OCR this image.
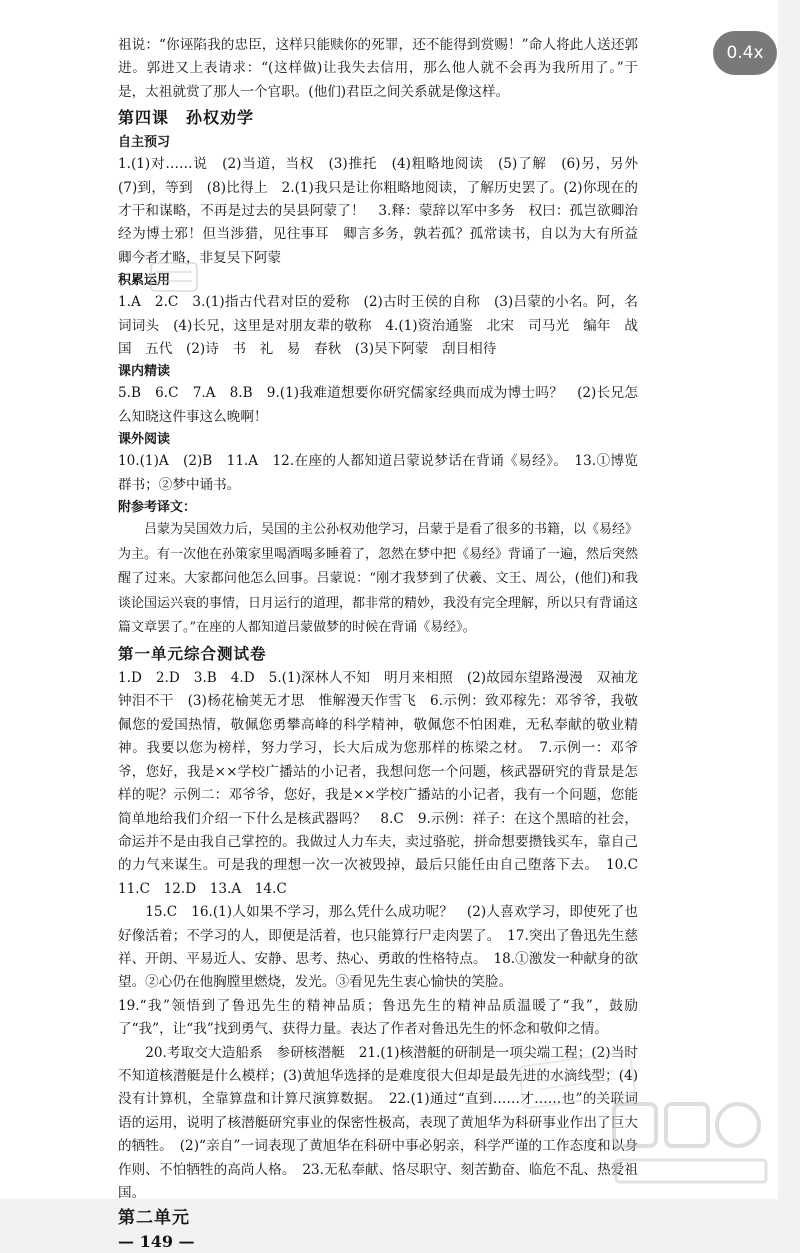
祖说：“你诬陷我的忠臣，这样只能赎你的死罪，还不能得到赏赐！”命人将此人送还郭进。郭进又上表请求：“(这样做)让我失去信用，那么他人就不会再为我所用了。”于是，太祖就赏了那人一个官职。(他们)君臣之间关系就是像这样。

第四课　孙权劝学

自主预习

1.(1)对……说　(2)当道，当权　(3)推托　(4)粗略地阅读　(5)了解　(6)另，另外　(7)到，等到　(8)比得上　2.(1)我只是让你粗略地阅读，了解历史罢了。(2)你现在的才干和谋略，不再是过去的吴县阿蒙了！　3.释：蒙辞以军中多务　权曰：孤岂欲卿治经为博士邪！但当涉猎，见往事耳　卿言多务，孰若孤？孤常读书，自以为大有所益　卿今者才略，非复吴下阿蒙

积累运用

1.A　2.C　3.(1)指古代君对臣的爱称　(2)古时王侯的自称　(3)吕蒙的小名。阿，名词词头　(4)长兄，这里是对朋友辈的敬称　4.(1)资治通鉴　北宋　司马光　编年　战国　五代　(2)诗　书　礼　易　春秋　(3)吴下阿蒙　刮目相待

课内精读

5.B　6.C　7.A　8.B　9.(1)我难道想要你研究儒家经典而成为博士吗？　(2)长兄怎么知晓这件事这么晚啊！

课外阅读

10.(1)A　(2)B　11.A　12.在座的人都知道吕蒙说梦话在背诵《易经》。　13.①博览群书；②梦中诵书。

附参考译文：

吕蒙为吴国效力后，吴国的主公孙权劝他学习，吕蒙于是看了很多的书籍，以《易经》为主。有一次他在孙策家里喝酒喝多睡着了，忽然在梦中把《易经》背诵了一遍，然后突然醒了过来。大家都问他怎么回事。吕蒙说：“刚才我梦到了伏羲、文王、周公，(他们)和我谈论国运兴衰的事情，日月运行的道理，都非常的精妙，我没有完全理解，所以只有背诵这篇文章罢了。”在座的人都知道吕蒙做梦的时候在背诵《易经》。

第一单元综合测试卷

1.D　2.D　3.B　4.D　5.(1)深林人不知　明月来相照　(2)故园东望路漫漫　双袖龙钟泪不干　(3)杨花榆荚无才思　惟解漫天作雪飞　6.示例：致邓稼先：邓爷爷，我敬佩您的爱国热情，敬佩您勇攀高峰的科学精神，敬佩您不怕困难，无私奉献的敬业精神。我要以您为榜样，努力学习，长大后成为您那样的栋梁之材。　7.示例一：邓爷爷，您好，我是××学校广播站的小记者，我想问您一个问题，核武器研究的背景是怎样的呢？示例二：邓爷爷，您好，我是××学校广播站的小记者，我有一个问题，您能简单地给我们介绍一下什么是核武器吗？　8.C　9.示例：祥子：在这个黑暗的社会，命运并不是由我自己掌控的。我做过人力车夫，卖过骆驼，拼命想要攒钱买车，靠自己的力气来谋生。可是我的理想一次一次被毁掉，最后只能任由自己堕落下去。　10.C　11.C　12.D　13.A　14.C

15.C　16.(1)人如果不学习，那么凭什么成功呢？　(2)人喜欢学习，即使死了也好像活着；不学习的人，即便是活着，也只能算行尸走肉罢了。　17.突出了鲁迅先生慈祥、开朗、平易近人、安静、思考、热心、勇敢的性格特点。　18.①激发一种献身的欲望。②心仍在他胸膛里燃烧，发光。③看见先生衷心愉快的笑脸。

19.“我”领悟到了鲁迅先生的精神品质；鲁迅先生的精神品质温暖了“我”，鼓励了“我”，让“我”找到勇气、获得力量。表达了作者对鲁迅先生的怀念和敬仰之情。

20.考取交大造船系　参研核潜艇　21.(1)核潜艇的研制是一项尖端工程；(2)当时不知道核潜艇是什么模样；(3)黄旭华选择的是难度很大但却是最先进的水滴线型；(4)没有计算机，全靠算盘和计算尺演算数据。　22.(1)通过“直到……才……也”的关联词语的运用，说明了核潜艇研究事业的保密性极高，表现了黄旭华为科研事业作出了巨大的牺牲。　(2)“亲自”一词表现了黄旭华在科研中事必躬亲，科学严谨的工作态度和以身作则、不怕牺牲的高尚人格。　23.无私奉献、恪尽职守、刻苦勤奋、临危不乱、热爱祖国。

第二单元

— 149 —

0.4x
